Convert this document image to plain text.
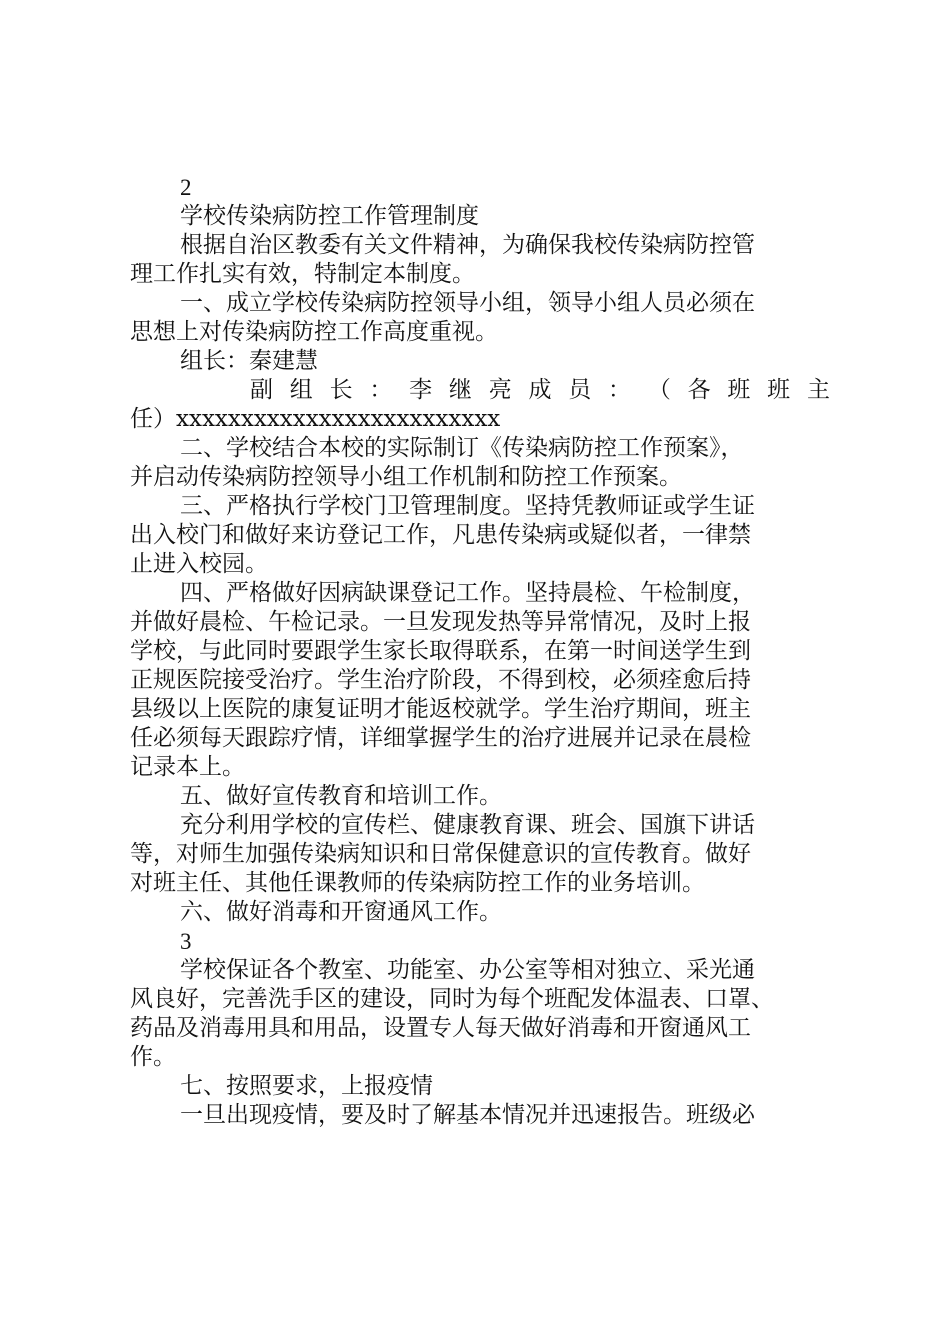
2
学校传染病防控工作管理制度
根据自治区教委有关文件精神，为确保我校传染病防控管
理工作扎实有效，特制定本制度。
一、成立学校传染病防控领导小组，领导小组人员必须在
思想上对传染病防控工作高度重视。
组长：秦建慧
副 组 长 ： 李 继 亮 成 员 ： （ 各 班 班 主
任）xxxxxxxxxxxxxxxxxxxxxxxxx
二、学校结合本校的实际制订《传染病防控工作预案》，
并启动传染病防控领导小组工作机制和防控工作预案。
三、严格执行学校门卫管理制度。坚持凭教师证或学生证
出入校门和做好来访登记工作，凡患传染病或疑似者，一律禁
止进入校园。
四、严格做好因病缺课登记工作。坚持晨检、午检制度，
并做好晨检、午检记录。一旦发现发热等异常情况，及时上报
学校，与此同时要跟学生家长取得联系，在第一时间送学生到
正规医院接受治疗。学生治疗阶段，不得到校，必须痊愈后持
县级以上医院的康复证明才能返校就学。学生治疗期间，班主
任必须每天跟踪疗情，详细掌握学生的治疗进展并记录在晨检
记录本上。
五、做好宣传教育和培训工作。
充分利用学校的宣传栏、健康教育课、班会、国旗下讲话
等，对师生加强传染病知识和日常保健意识的宣传教育。做好
对班主任、其他任课教师的传染病防控工作的业务培训。
六、做好消毒和开窗通风工作。
3
学校保证各个教室、功能室、办公室等相对独立、采光通
风良好，完善洗手区的建设，同时为每个班配发体温表、口罩、
药品及消毒用具和用品，设置专人每天做好消毒和开窗通风工
作。
七、按照要求，上报疫情
一旦出现疫情，要及时了解基本情况并迅速报告。班级必
